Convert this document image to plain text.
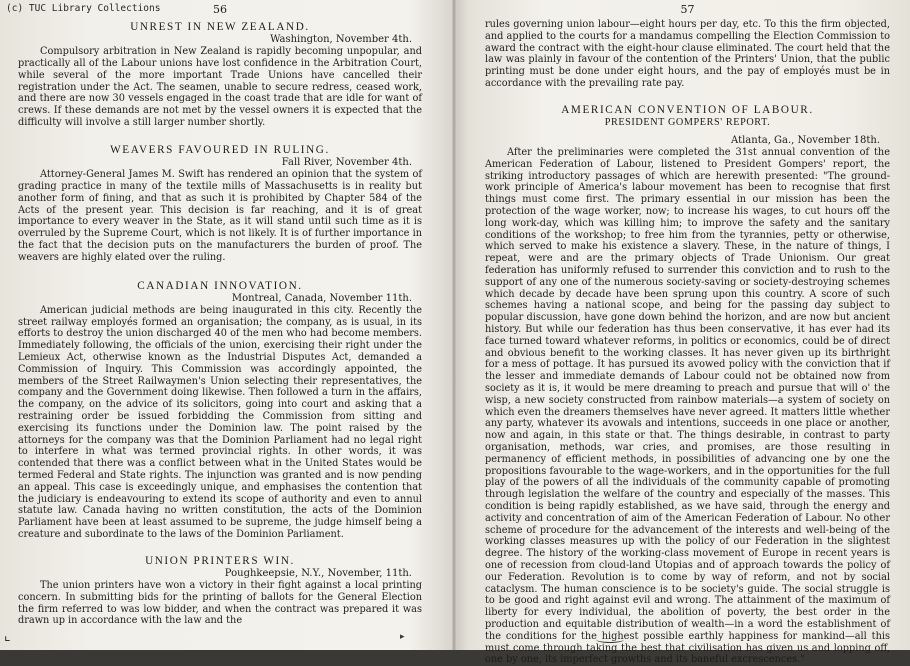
(c) TUC Library Collections	56
UNREST IN NEW ZEALAND.
Washington, November 4th.

Compulsory arbitration in New Zealand is rapidly becoming unpopular, and practically all of the Labour unions have lost confidence in the Arbitration Court, while several of the more important Trade Unions have cancelled their registration under the Act. The seamen, unable to secure redress, ceased work, and there are now 30 vessels engaged in the coast trade that are idle for want of crews. If these demands are not met by the vessel owners it is expected that the difficulty will involve a still larger number shortly.

WEAVERS FAVOURED IN RULING.
Fall River, November 4th.

Attorney-General James M. Swift has rendered an opinion that the system of grading practice in many of the textile mills of Massachusetts is in reality but another form of fining, and that as such it is prohibited by Chapter 584 of the Acts of the present year. This decision is far reaching, and it is of great importance to every weaver in the State, as it will stand until such time as it is overruled by the Supreme Court, which is not likely. It is of further importance in the fact that the decision puts on the manufacturers the burden of proof. The weavers are highly elated over the ruling.

CANADIAN INNOVATION.
Montreal, Canada, November 11th.

American judicial methods are being inaugurated in this city. Recently the street railway employés formed an organisation; the company, as is usual, in its efforts to destroy the union discharged 40 of the men who had become members. Immediately following, the officials of the union, exercising their right under the Lemieux Act, otherwise known as the Industrial Disputes Act, demanded a Commission of Inquiry. This Commission was accordingly appointed, the members of the Street Railwaymen's Union selecting their representatives, the company and the Government doing likewise. Then followed a turn in the affairs, the company, on the advice of its solicitors, going into court and asking that a restraining order be issued forbidding the Commission from sitting and exercising its functions under the Dominion law. The point raised by the attorneys for the company was that the Dominion Parliament had no legal right to interfere in what was termed provincial rights. In other words, it was contended that there was a conflict between what in the United States would be termed Federal and State rights. The injunction was granted and is now pending an appeal. This case is exceedingly unique, and emphasises the contention that the judiciary is endeavouring to extend its scope of authority and even to annul statute law. Canada having no written constitution, the acts of the Dominion Parliament have been at least assumed to be supreme, the judge himself being a creature and subordinate to the laws of the Dominion Parliament.

UNION PRINTERS WIN.
Poughkeepsie, N.Y., November, 11th.

The union printers have won a victory in their fight against a local printing concern. In submitting bids for the printing of ballots for the General Election the firm referred to was low bidder, and when the contract was prepared it was drawn up in accordance with the law and the

57

rules governing union labour—eight hours per day, etc. To this the firm objected, and applied to the courts for a mandamus compelling the Election Commission to award the contract with the eight-hour clause eliminated. The court held that the law was plainly in favour of the contention of the Printers' Union, that the public printing must be done under eight hours, and the pay of employés must be in accordance with the prevailing rate pay.

AMERICAN CONVENTION OF LABOUR.
PRESIDENT GOMPERS' REPORT.
Atlanta, Ga., November 18th.

After the preliminaries were completed the 31st annual convention of the American Federation of Labour, listened to President Gompers' report, the striking introductory passages of which are herewith presented: "The ground-work principle of America's labour movement has been to recognise that first things must come first. The primary essential in our mission has been the protection of the wage worker, now; to increase his wages, to cut hours off the long work-day, which was killing him; to improve the safety and the sanitary conditions of the workshop; to free him from the tyrannies, petty or otherwise, which served to make his existence a slavery. These, in the nature of things, I repeat, were and are the primary objects of Trade Unionism. Our great federation has uniformly refused to surrender this conviction and to rush to the support of any one of the numerous society-saving or society-destroying schemes which decade by decade have been sprung upon this country. A score of such schemes having a national scope, and being for the passing day subject to popular discussion, have gone down behind the horizon, and are now but ancient history. But while our federation has thus been conservative, it has ever had its face turned toward whatever reforms, in politics or economics, could be of direct and obvious benefit to the working classes. It has never given up its birthright for a mess of pottage. It has pursued its avowed policy with the conviction that if the lesser and immediate demands of Labour could not be obtained now from society as it is, it would be mere dreaming to preach and pursue that will o' the wisp, a new society constructed from rainbow materials—a system of society on which even the dreamers themselves have never agreed. It matters little whether any party, whatever its avowals and intentions, succeeds in one place or another, now and again, in this state or that. The things desirable, in contrast to party organisation, methods, war cries, and promises, are those resulting in permanency of efficient methods, in possibilities of advancing one by one the propositions favourable to the wage-workers, and in the opportunities for the full play of the powers of all the individuals of the community capable of promoting through legislation the welfare of the country and especially of the masses. This condition is being rapidly established, as we have said, through the energy and activity and concentration of aim of the American Federation of Labour. No other scheme of procedure for the advancement of the interests and well-being of the working classes measures up with the policy of our Federation in the slightest degree. The history of the working-class movement of Europe in recent years is one of recession from cloud-land Utopias and of approach towards the policy of our Federation. Revolution is to come by way of reform, and not by social cataclysm. The human conscience is to be society's guide. The social struggle is to be good and right against evil and wrong. The attainment of the maximum of liberty for every individual, the abolition of poverty, the best order in the production and equitable distribution of wealth—in a word the establishment of the conditions for the highest possible earthly happiness for mankind—all this must come through taking the best that civilisation has given us and lopping off, one by one, its imperfect growths and its baneful excrescences."

▸
⌞
